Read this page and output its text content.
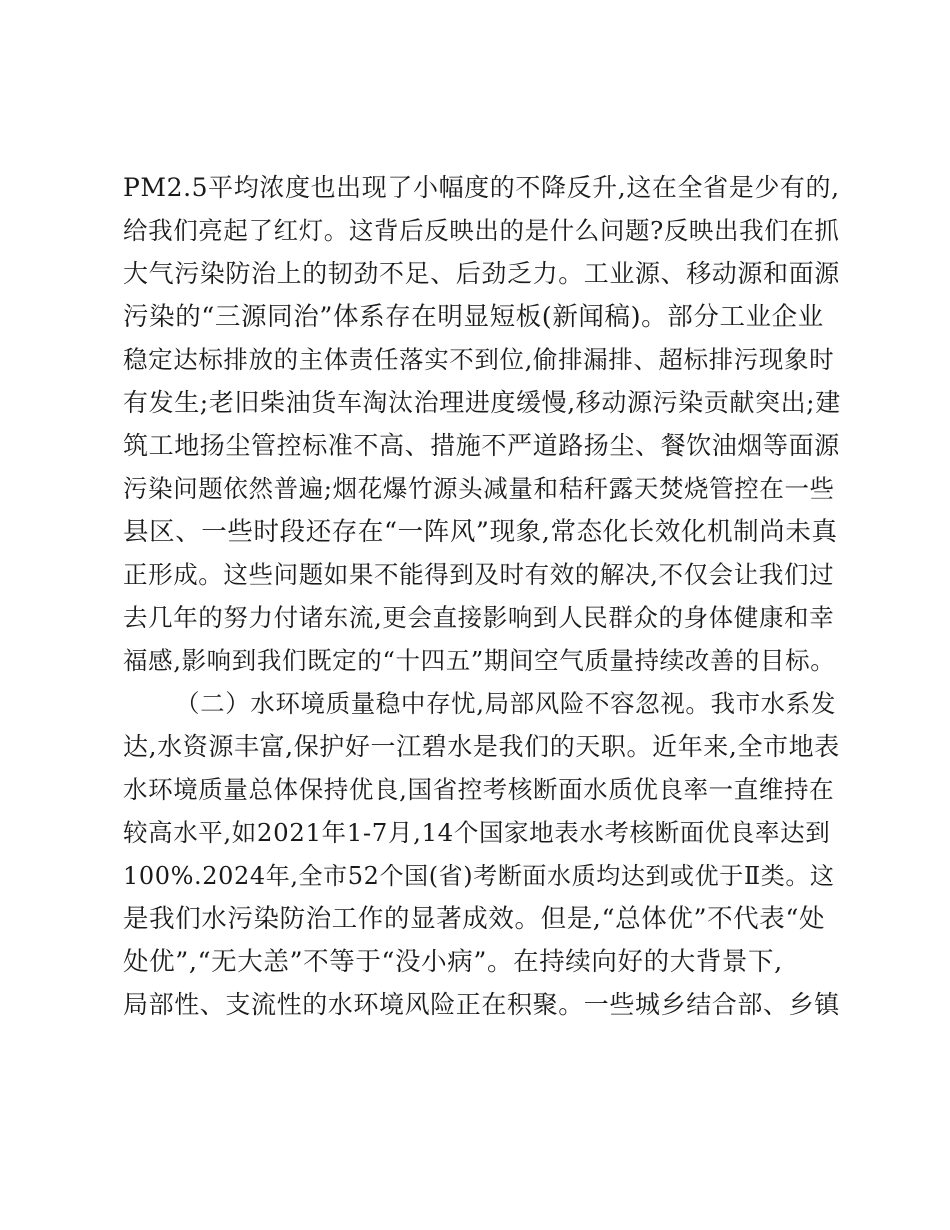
PM2.5平均浓度也出现了小幅度的不降反升,这在全省是少有的,
给我们亮起了红灯。这背后反映出的是什么问题?反映出我们在抓
大气污染防治上的韧劲不足、后劲乏力。工业源、移动源和面源
污染的“三源同治”体系存在明显短板(新闻稿)。部分工业企业
稳定达标排放的主体责任落实不到位,偷排漏排、超标排污现象时
有发生;老旧柴油货车淘汰治理进度缓慢,移动源污染贡献突出;建
筑工地扬尘管控标准不高、措施不严道路扬尘、餐饮油烟等面源
污染问题依然普遍;烟花爆竹源头减量和秸秆露天焚烧管控在一些
县区、一些时段还存在“一阵风”现象,常态化长效化机制尚未真
正形成。这些问题如果不能得到及时有效的解决,不仅会让我们过
去几年的努力付诸东流,更会直接影响到人民群众的身体健康和幸
福感,影响到我们既定的“十四五”期间空气质量持续改善的目标。
（二）水环境质量稳中存忧,局部风险不容忽视。我市水系发
达,水资源丰富,保护好一江碧水是我们的天职。近年来,全市地表
水环境质量总体保持优良,国省控考核断面水质优良率一直维持在
较高水平,如2021年1-7月,14个国家地表水考核断面优良率达到
100%.2024年,全市52个国(省)考断面水质均达到或优于Ⅱ类。这
是我们水污染防治工作的显著成效。但是,“总体优”不代表“处
处优”,“无大恙”不等于“没小病”。在持续向好的大背景下,
局部性、支流性的水环境风险正在积聚。一些城乡结合部、乡镇
